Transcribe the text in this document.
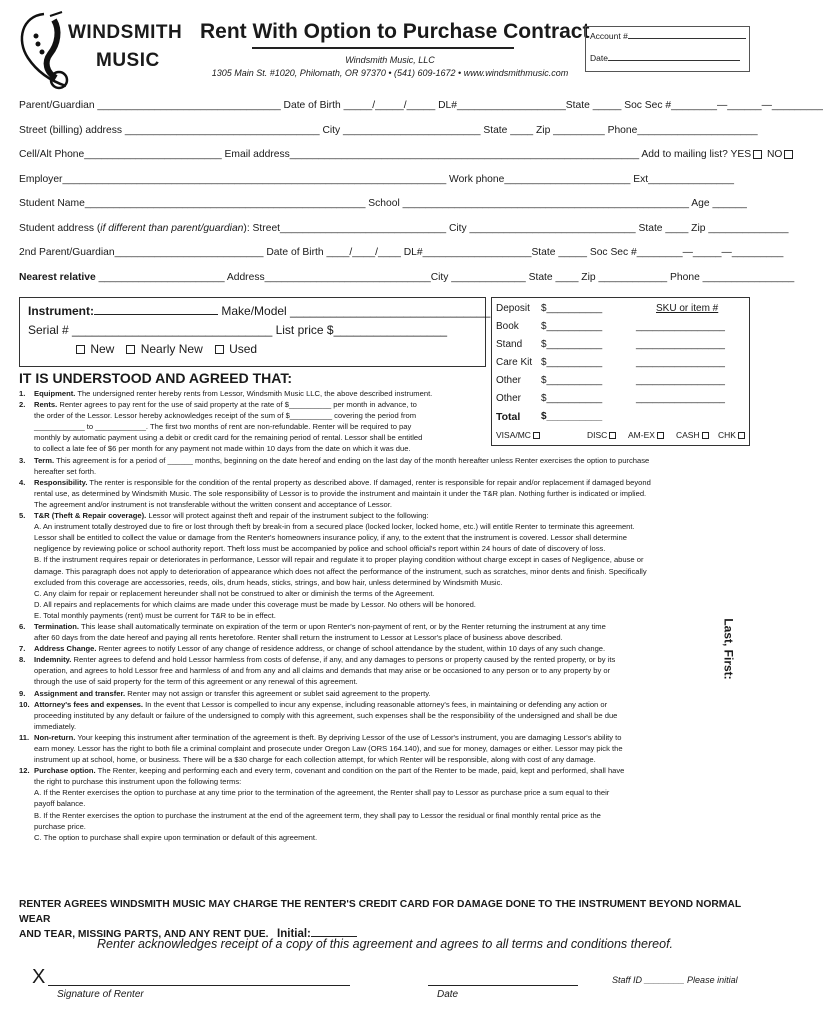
WINDSMITH
MUSIC
Rent With Option to Purchase Contract
Windsmith Music, LLC
1305 Main St. #1020, Philomath, OR 97370 • (541) 609-1672 • www.windsmithmusic.com
Account #
Date
Parent/Guardian ________________________________ Date of Birth _____/_____/_____ DL#___________________State _____ Soc Sec #________—______—_________
Street (billing) address __________________________________ City ________________________ State ____ Zip _________ Phone_____________________
Cell/Alt Phone________________________ Email address_____________________________________________________________ Add to mailing list? YES NO
Employer___________________________________________________________________ Work phone______________________ Ext_______________
Student Name_________________________________________________ School __________________________________________________ Age ______
Student address (if different than parent/guardian): Street_____________________________ City _____________________________ State ____ Zip ______________
2nd Parent/Guardian__________________________ Date of Birth ____/____/____ DL#___________________State _____ Soc Sec #________—_____—_________
Nearest relative ______________________ Address_____________________________City _____________ State ____ Zip ____________ Phone ________________
Instrument:	Make/Model ______________________________
Serial # ______________________________ List price $_________________
New Nearly New Used
Deposit $__________	SKU or item #
Book $__________	________________
Stand $__________	________________
Care Kit $__________	________________
Other $__________	________________
Other $__________	________________
Total $__________
VISA/MC	DISC	AM-EX	CASH	CHK
IT IS UNDERSTOOD AND AGREED THAT:
1. Equipment. The undersigned renter hereby rents from Lessor, Windsmith Music LLC, the above described instrument.
2. Rents. Renter agrees to pay rent for the use of said property at the rate of $__________ per month in advance, to
the order of the Lessor. Lessor hereby acknowledges receipt of the sum of $__________ covering the period from
____________ to ____________. The first two months of rent are non-refundable. Renter will be required to pay
monthly by automatic payment using a debit or credit card for the remaining period of rental. Lessor shall be entitled
to collect a late fee of $6 per month for any payment not made within 10 days from the date on which it was due.
3. Term. This agreement is for a period of ______ months, beginning on the date hereof and ending on the last day of the month hereafter unless Renter exercises the option to purchase
hereafter set forth.
4. Responsibility. The renter is responsible for the condition of the rental property as described above. If damaged, renter is responsible for repair and/or replacement if damaged beyond
rental use, as determined by Windsmith Music. The sole responsibility of Lessor is to provide the instrument and maintain it under the T&R plan. Nothing further is indicated or implied.
The agreement and/or instrument is not transferable without the written consent and acceptance of Lessor.
5. T&R (Theft & Repair coverage). Lessor will protect against theft and repair of the instrument subject to the following:
A. An instrument totally destroyed due to fire or lost through theft by break-in from a secured place (locked locker, locked home, etc.) will entitle Renter to terminate this agreement.
Lessor shall be entitled to collect the value or damage from the Renter's homeowners insurance policy, if any, to the extent that the instrument is covered. Lessor shall determine
negligence by reviewing police or school authority report. Theft loss must be accompanied by police and school official's report within 24 hours of date of discovery of loss.
B. If the instrument requires repair or deteriorates in performance, Lessor will repair and regulate it to proper playing condition without charge except in cases of Negligence, abuse or
damage. This paragraph does not apply to deterioration of appearance which does not affect the performance of the instrument, such as scratches, minor dents and finish. Specifically
excluded from this coverage are accessories, reeds, oils, drum heads, sticks, strings, and bow hair, unless determined by Windsmith Music.
C. Any claim for repair or replacement hereunder shall not be construed to alter or diminish the terms of the Agreement.
D. All repairs and replacements for which claims are made under this coverage must be made by Lessor. No others will be honored.
E. Total monthly payments (rent) must be current for T&R to be in effect.
6. Termination. This lease shall automatically terminate on expiration of the term or upon Renter's non-payment of rent, or by the Renter returning the instrument at any time
after 60 days from the date hereof and paying all rents heretofore. Renter shall return the instrument to Lessor at Lessor's place of business above described.
7. Address Change. Renter agrees to notify Lessor of any change of residence address, or change of school attendance by the student, within 10 days of any such change.
8. Indemnity. Renter agrees to defend and hold Lessor harmless from costs of defense, if any, and any damages to persons or property caused by the rented property, or by its
operation, and agrees to hold Lessor free and harmless of and from any and all claims and demands that may arise or be occasioned to any person or to any property by or
through the use of said property for the term of this agreement or any renewal of this agreement.
9. Assignment and transfer. Renter may not assign or transfer this agreement or sublet said agreement to the property.
10. Attorney's fees and expenses. In the event that Lessor is compelled to incur any expense, including reasonable attorney's fees, in maintaining or defending any action or
proceeding instituted by any default or failure of the undersigned to comply with this agreement, such expenses shall be the responsibility of the undersigned and shall be due
immediately.
11. Non-return. Your keeping this instrument after termination of the agreement is theft. By depriving Lessor of the use of Lessor's instrument, you are damaging Lessor's ability to
earn money. Lessor has the right to both file a criminal complaint and prosecute under Oregon Law (ORS 164.140), and sue for money, damages or either. Lessor may pick the
instrument up at school, home, or business. There will be a $30 charge for each collection attempt, for which Renter will be responsible, along with cost of any damage.
12. Purchase option. The Renter, keeping and performing each and every term, covenant and condition on the part of the Renter to be made, paid, kept and performed, shall have
the right to purchase this instrument upon the following terms:
A. If the Renter exercises the option to purchase at any time prior to the termination of the agreement, the Renter shall pay to Lessor as purchase price a sum equal to their
payoff balance.
B. If the Renter exercises the option to purchase the instrument at the end of the agreement term, they shall pay to Lessor the residual or final monthly rental price as the
purchase price.
C. The option to purchase shall expire upon termination or default of this agreement.
Last, First:
RENTER AGREES WINDSMITH MUSIC MAY CHARGE THE RENTER'S CREDIT CARD FOR DAMAGE DONE TO THE INSTRUMENT BEYOND NORMAL WEAR
AND TEAR, MISSING PARTS, AND ANY RENT DUE. Initial:
Renter acknowledges receipt of a copy of this agreement and agrees to all terms and conditions thereof.
X
Signature of Renter	Date
Staff ID ________ Please initial
